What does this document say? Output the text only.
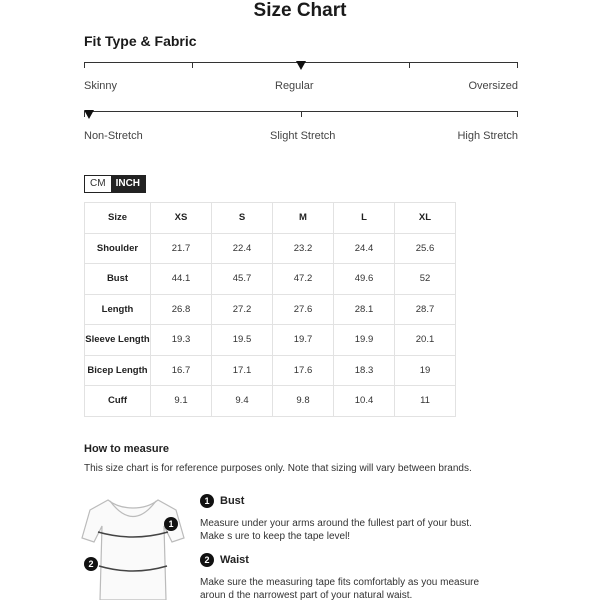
Size Chart
Fit Type & Fabric
Skinny	Regular	Oversized
Non-Stretch	Slight Stretch	High Stretch
CM	INCH
Size	XS	S	M	L	XL
Shoulder	21.7	22.4	23.2	24.4	25.6
Bust	44.1	45.7	47.2	49.6	52
Length	26.8	27.2	27.6	28.1	28.7
Sleeve Length	19.3	19.5	19.7	19.9	20.1
Bicep Length	16.7	17.1	17.6	18.3	19
Cuff	9.1	9.4	9.8	10.4	11
How to measure
This size chart is for reference purposes only. Note that sizing will vary between brands.
1
2
1 Bust
Measure under your arms around the fullest part of your bust. Make s ure to keep the tape level!
2 Waist
Make sure the measuring tape fits comfortably as you measure aroun d the narrowest part of your natural waist.
